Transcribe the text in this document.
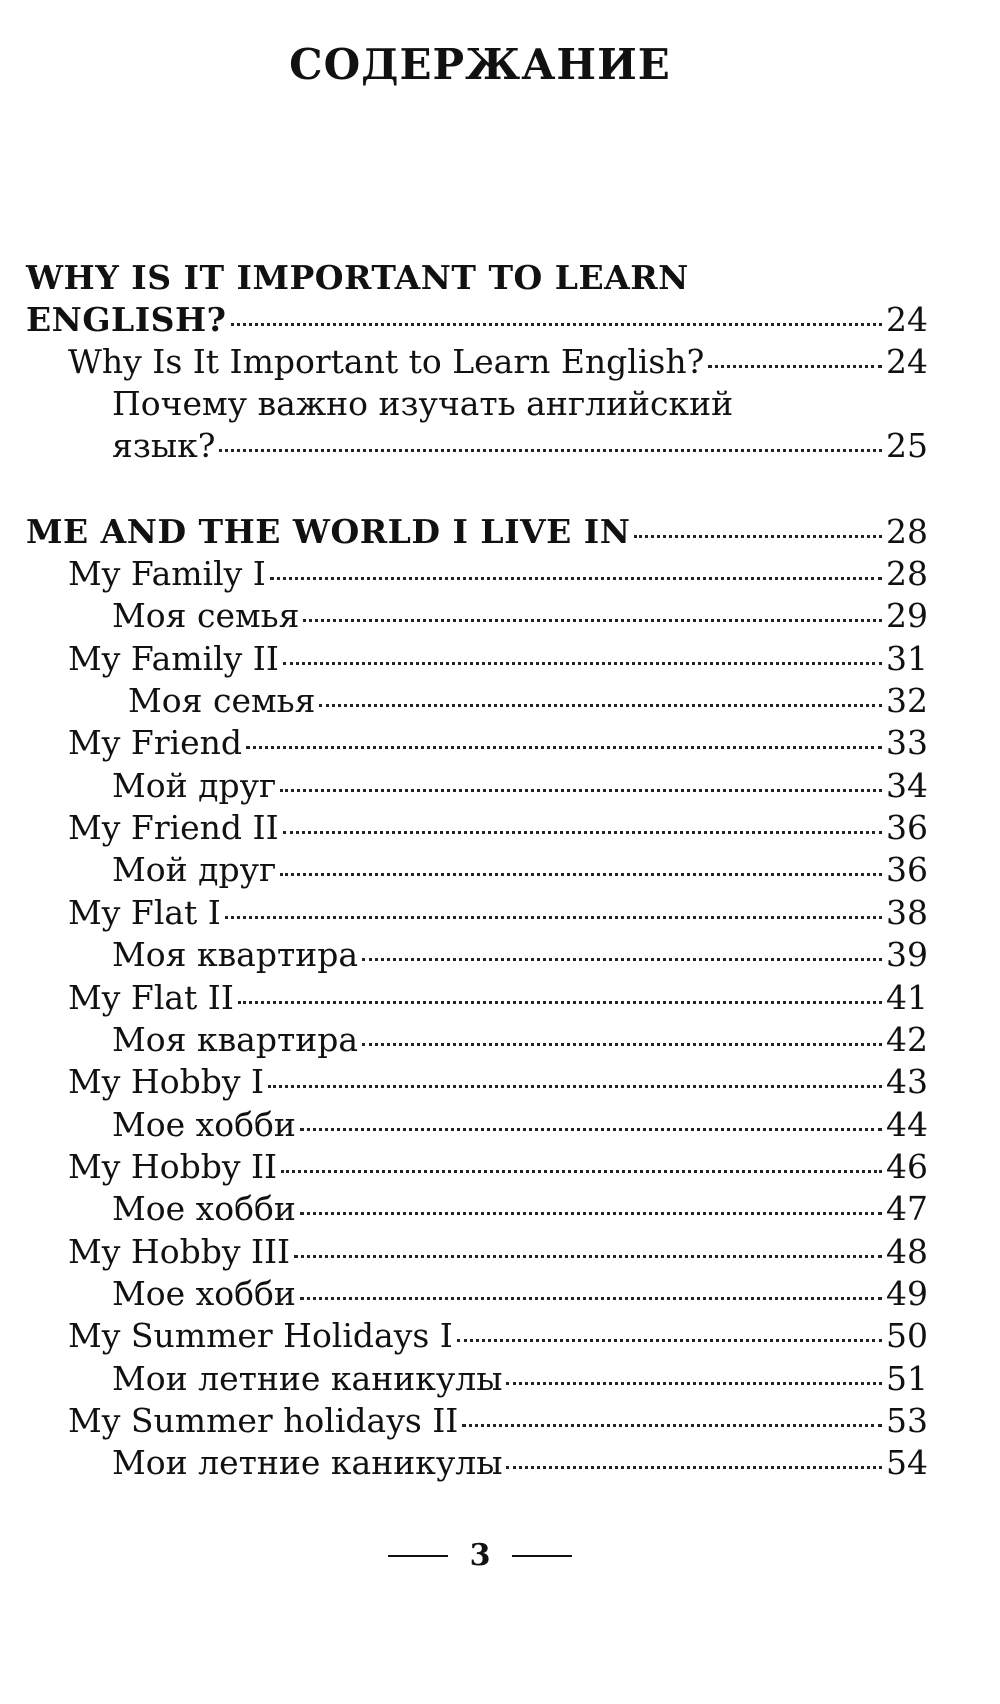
СОДЕРЖАНИЕ
WHY IS IT IMPORTANT TO LEARN
ENGLISH?	24
Why Is It Important to Learn English?	24
Почему важно изучать английский
язык?	25
ME AND THE WORLD I LIVE IN	28
My Family I	28
Моя семья	29
My Family II	31
Моя семья	32
My Friend	33
Мой друг	34
My Friend II	36
Мой друг	36
My Flat I	38
Моя квартира	39
My Flat II	41
Моя квартира	42
My Hobby I	43
Мое хобби	44
My Hobby II	46
Мое хобби	47
My Hobby III	48
Мое хобби	49
My Summer Holidays I	50
Мои летние каникулы	51
My Summer holidays II	53
Мои летние каникулы	54
3
